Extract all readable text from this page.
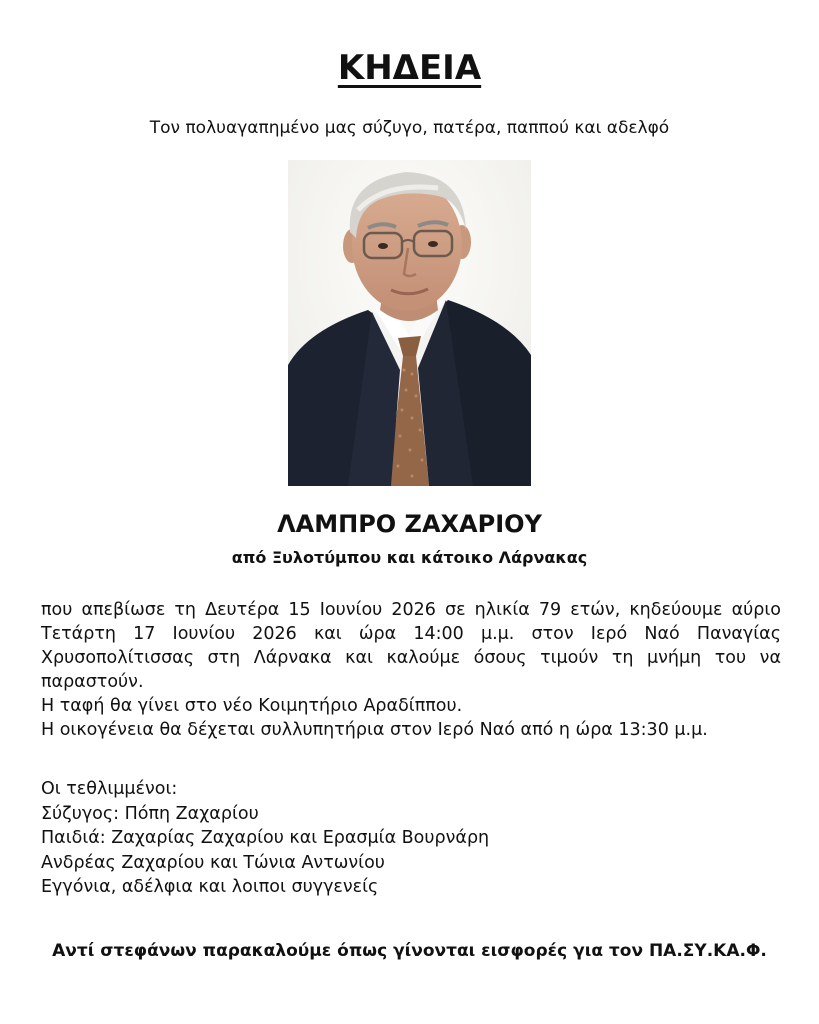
ΚΗΔΕΙΑ
Τον πολυαγαπημένο μας σύζυγο, πατέρα, παππού και αδελφό
ΛΑΜΠΡΟ ΖΑΧΑΡΙΟΥ
από Ξυλοτύμπου και κάτοικο Λάρνακας

που απεβίωσε τη Δευτέρα 15 Ιουνίου 2026 σε ηλικία 79 ετών, κηδεύουμε αύριο Τετάρτη 17 Ιουνίου 2026 και ώρα 14:00 μ.μ. στον Ιερό Ναό Παναγίας Χρυσοπολίτισσας στη Λάρνακα και καλούμε όσους τιμούν τη μνήμη του να παραστούν.

Η ταφή θα γίνει στο νέο Κοιμητήριο Αραδίππου.

Η οικογένεια θα δέχεται συλλυπητήρια στον Ιερό Ναό από η ώρα 13:30 μ.μ.

Οι τεθλιμμένοι:

Σύζυγος: Πόπη Ζαχαρίου

Παιδιά: Ζαχαρίας Ζαχαρίου και Ερασμία Βουρνάρη

Ανδρέας Ζαχαρίου και Τώνια Αντωνίου

Εγγόνια, αδέλφια και λοιποι συγγενείς

Αντί στεφάνων παρακαλούμε όπως γίνονται εισφορές για τον ΠΑ.ΣΥ.ΚΑ.Φ.
